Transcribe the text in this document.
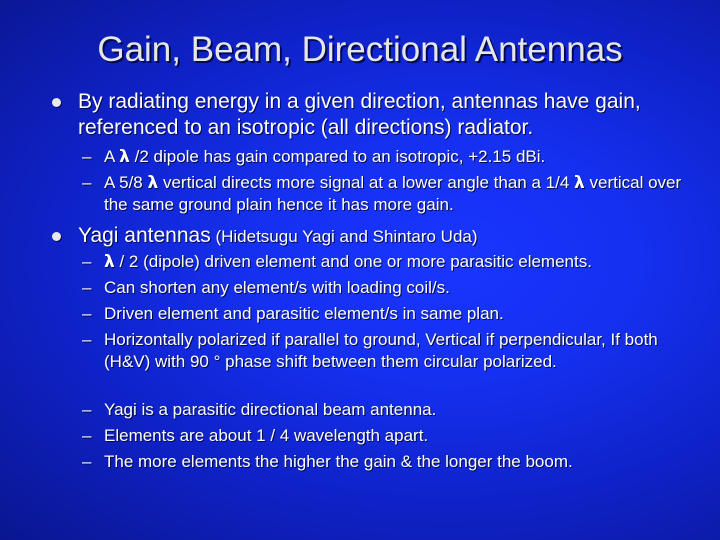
Gain, Beam, Directional Antennas
By radiating energy in a given direction, antennas have gain, referenced to an isotropic (all directions) radiator.
– A λ /2 dipole has gain compared to an isotropic, +2.15 dBi.
– A 5/8 λ vertical directs more signal at a lower angle than a 1/4 λ vertical over the same ground plain hence it has more gain.
Yagi antennas (Hidetsugu Yagi and Shintaro Uda)
– λ / 2 (dipole) driven element and one or more parasitic elements.
– Can shorten any element/s with loading coil/s.
– Driven element and parasitic element/s in same plan.
– Horizontally polarized if parallel to ground, Vertical if perpendicular, If both (H&V) with 90 ° phase shift between them circular polarized.
– Yagi is a parasitic directional beam antenna.
– Elements are about 1 / 4 wavelength apart.
– The more elements the higher the gain & the longer the boom.
